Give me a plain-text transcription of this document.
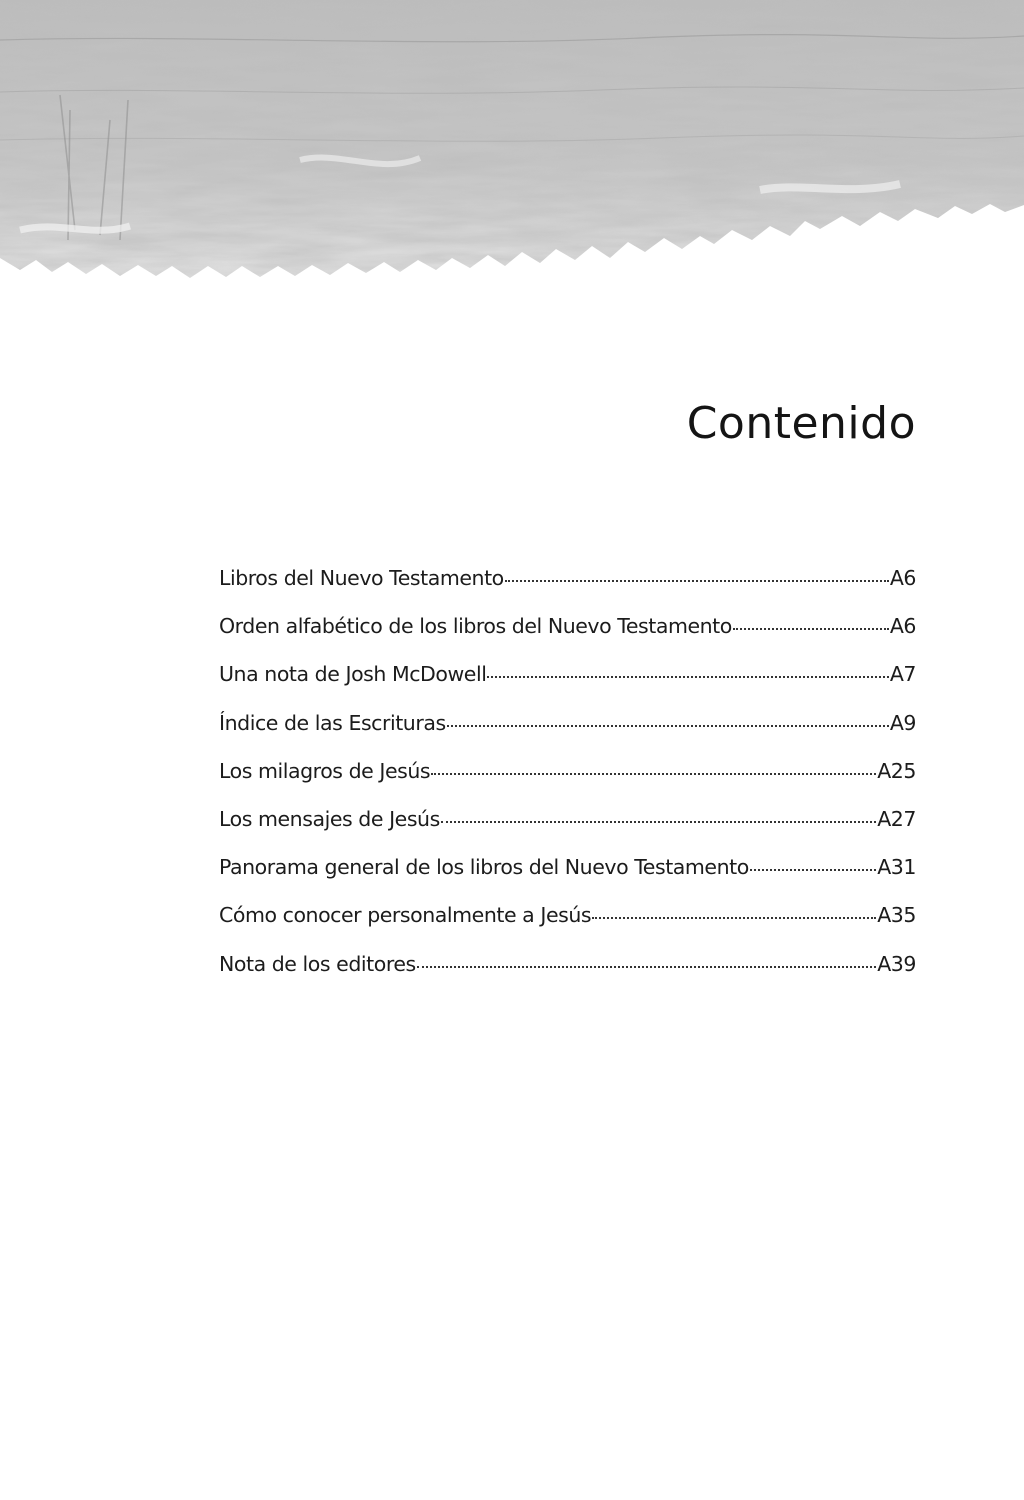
Contenido
Libros del Nuevo Testamento	A6
Orden alfabético de los libros del Nuevo Testamento	A6
Una nota de Josh McDowell	A7
Índice de las Escrituras	A9
Los milagros de Jesús	A25
Los mensajes de Jesús	A27
Panorama general de los libros del Nuevo Testamento	A31
Cómo conocer personalmente a Jesús	A35
Nota de los editores	A39
